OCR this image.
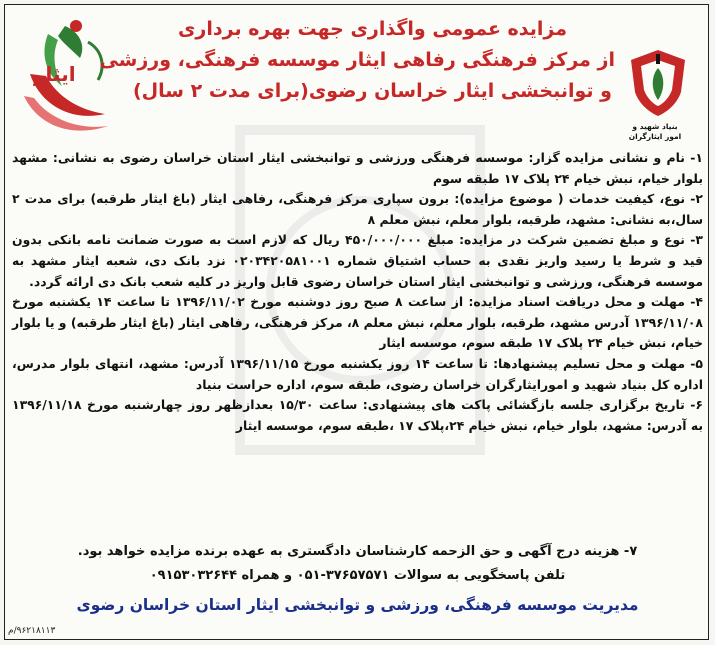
ایثار
بنیاد شهید و امور ایثارگران
مزایده عمومی واگذاری جهت بهره برداری
از مرکز فرهنگی رفاهی ایثار موسسه فرهنگی، ورزشی
و توانبخشی ایثار خراسان رضوی(برای مدت ۲ سال)

۱- نام و نشانی مزایده گزار: موسسه فرهنگی ورزشی و توانبخشی ایثار استان خراسان رضوی به نشانی: مشهد بلوار خیام، نبش خیام ۲۴ پلاک ۱۷ طبقه سوم

۲- نوع، کیفیت خدمات ( موضوع مزایده): برون سپاری مرکز فرهنگی، رفاهی ایثار (باغ ایثار طرقبه) برای مدت ۲ سال،به نشانی: مشهد، طرقبه، بلوار معلم، نبش معلم ۸

۳- نوع و مبلغ تضمین شرکت در مزایده: مبلغ ۴۵۰/۰۰۰/۰۰۰ ریال که لازم است به صورت ضمانت نامه بانکی بدون قید و شرط یا رسید واریز نقدی به حساب اشتیاق شماره ۰۲۰۳۴۲۰۵۸۱۰۰۱ نزد بانک دی، شعبه ایثار مشهد به موسسه فرهنگی، ورزشی و توانبخشی ایثار استان خراسان رضوی قابل واریز در کلیه شعب بانک دی ارائه گردد.

۴- مهلت و محل دریافت اسناد مزایده: از ساعت ۸ صبح روز دوشنبه مورخ ۱۳۹۶/۱۱/۰۲ تا ساعت ۱۴ یکشنبه مورخ ۱۳۹۶/۱۱/۰۸ آدرس مشهد، طرقبه، بلوار معلم، نبش معلم ۸، مرکز فرهنگی، رفاهی ایثار (باغ ایثار طرقبه) و یا بلوار خیام، نبش خیام ۲۴ پلاک ۱۷ طبقه سوم، موسسه ایثار

۵- مهلت و محل تسلیم پیشنهادها: تا ساعت ۱۴ روز یکشنبه مورخ ۱۳۹۶/۱۱/۱۵ آدرس: مشهد، انتهای بلوار مدرس، اداره کل بنیاد شهید و امورایثارگران خراسان رضوی، طبقه سوم، اداره حراست بنیاد

۶- تاریخ برگزاری جلسه بازگشائی پاکت های پیشنهادی: ساعت ۱۵/۳۰ بعدازظهر روز چهارشنبه مورخ ۱۳۹۶/۱۱/۱۸ به آدرس: مشهد، بلوار خیام، نبش خیام ۲۴،پلاک ۱۷ ،طبقه سوم، موسسه ایثار

۷- هزینه درج آگهی و حق الزحمه کارشناسان دادگستری به عهده برنده مزایده خواهد بود.
تلفن پاسخگویی به سوالات ۳۷۶۵۷۵۷۱-۰۵۱ و همراه ۰۹۱۵۳۰۳۲۶۴۴
مدیریت موسسه فرهنگی، ورزشی و توانبخشی ایثار استان خراسان رضوی
۹۶۲۱۸۱۱۳/م
